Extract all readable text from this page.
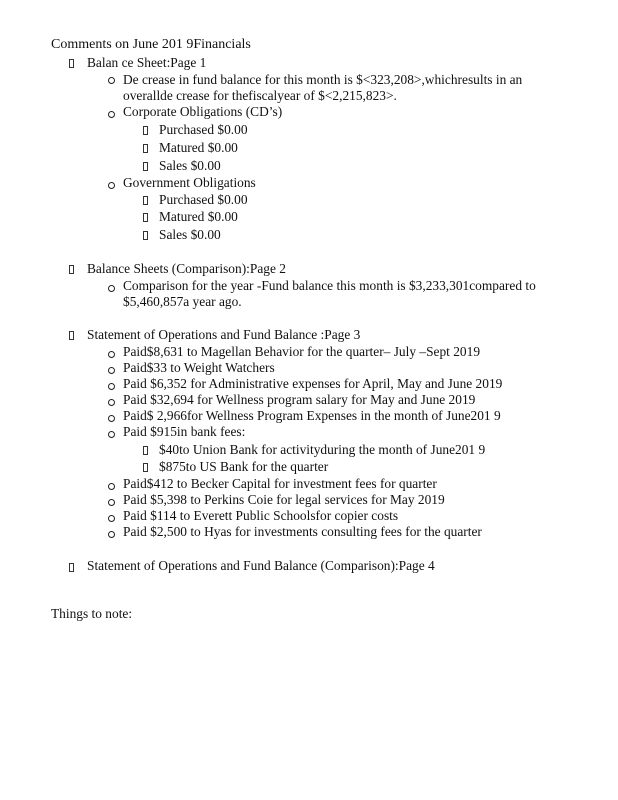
Comments on June 201 9Financials
Balan ce Sheet:Page 1
De crease in fund balance for this month is $<323,208>,whichresults in an
overallde crease for thefiscalyear of $<2,215,823>.
Corporate Obligations (CD’s)
Purchased $0.00
Matured $0.00
Sales $0.00
Government Obligations
Purchased $0.00
Matured $0.00
Sales $0.00
Balance Sheets (Comparison):Page 2
Comparison for the year -Fund balance this month is $3,233,301compared to
$5,460,857a year ago.
Statement of Operations and Fund Balance :Page 3
Paid$8,631 to Magellan Behavior for the quarter– July –Sept 2019
Paid$33 to Weight Watchers
Paid $6,352 for Administrative expenses for April, May and June 2019
Paid $32,694 for Wellness program salary for May and June 2019
Paid$ 2,966for Wellness Program Expenses in the month of June201 9
Paid $915in bank fees:
$40to Union Bank for activityduring the month of June201 9
$875to US Bank for the quarter
Paid$412 to Becker Capital for investment fees for quarter
Paid $5,398 to Perkins Coie for legal services for May 2019
Paid $114 to Everett Public Schoolsfor copier costs
Paid $2,500 to Hyas for investments consulting fees for the quarter
Statement of Operations and Fund Balance (Comparison):Page 4
Things to note:
